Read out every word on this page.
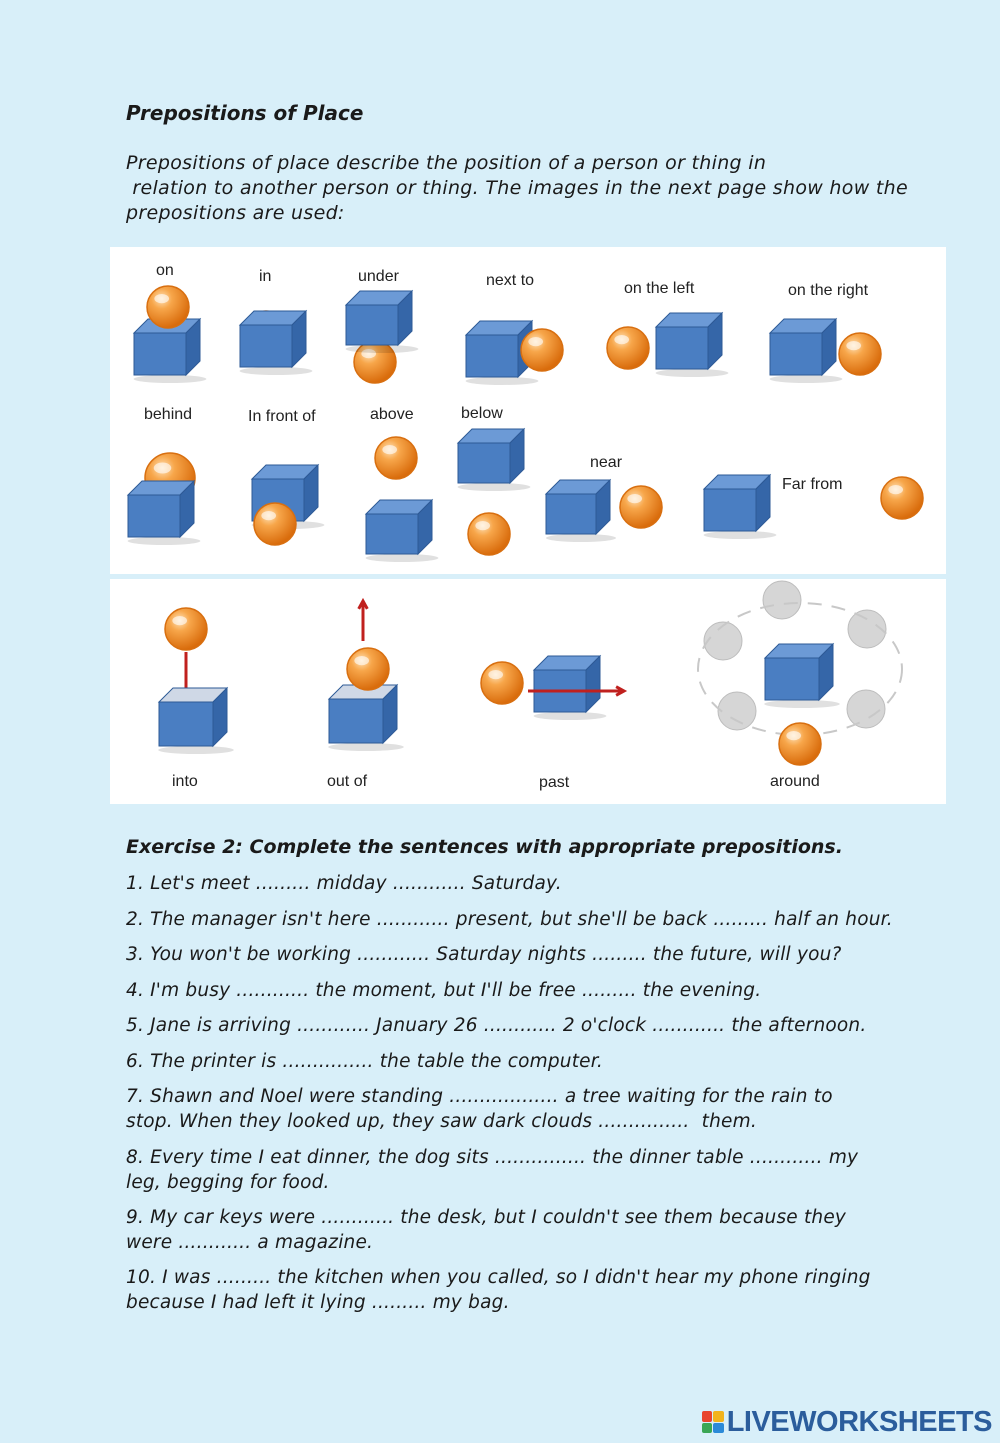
Prepositions of Place
Prepositions of place describe the position of a person or thing in
relation to another person or thing. The images in the next page show how the
prepositions are used:
on	in	under	next to	on the left	on the right
behind	In front of	above	below
near
Far from
into	out of	past	around
Exercise 2: Complete the sentences with appropriate prepositions.
1. Let's meet ......... midday ............ Saturday.
2. The manager isn't here ............ present, but she'll be back ......... half an hour.
3. You won't be working ............ Saturday nights ......... the future, will you?
4. I'm busy ............ the moment, but I'll be free ......... the evening.
5. Jane is arriving ............ January 26 ............ 2 o'clock ............ the afternoon.
6. The printer is ............... the table the computer.
7. Shawn and Noel were standing .................. a tree waiting for the rain to
stop. When they looked up, they saw dark clouds ...............  them.
8. Every time I eat dinner, the dog sits ............... the dinner table ............ my
leg, begging for food.
9. My car keys were ............ the desk, but I couldn't see them because they
were ............ a magazine.
10. I was ......... the kitchen when you called, so I didn't hear my phone ringing
because I had left it lying ......... my bag.
LIVEWORKSHEETS
